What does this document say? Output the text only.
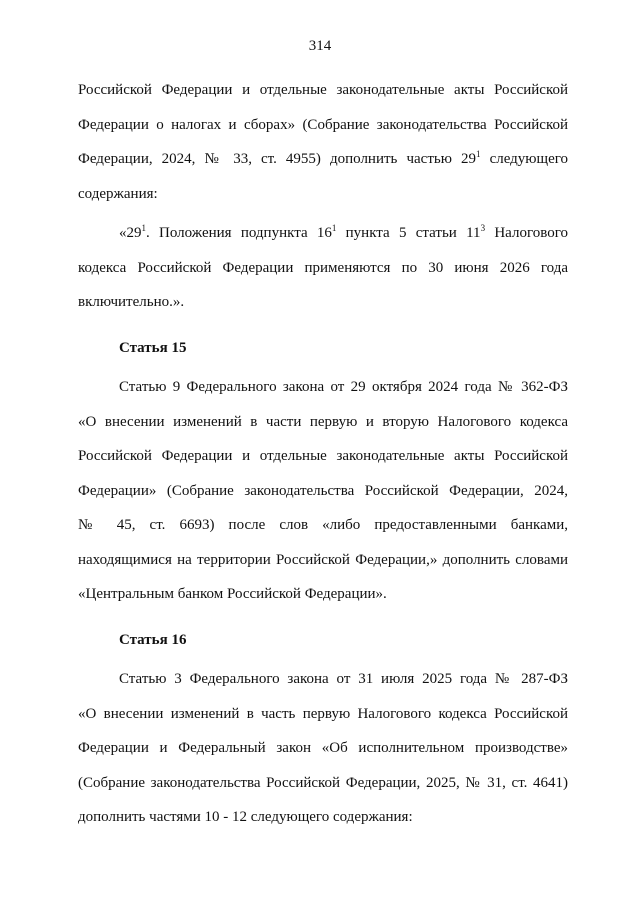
314
Российской Федерации и отдельные законодательные акты Российской
Федерации о налогах и сборах» (Собрание законодательства Российской
Федерации, 2024, № 33, ст. 4955) дополнить частью $29^1$ следующего
содержания:
«$29^1$. Положения подпункта $16^1$ пункта 5 статьи $11^3$ Налогового
кодекса Российской Федерации применяются по 30 июня 2026 года
включительно.».
Статья 15
Статью 9 Федерального закона от 29 октября 2024 года № 362-ФЗ
«О внесении изменений в части первую и вторую Налогового кодекса
Российской Федерации и отдельные законодательные акты Российской
Федерации» (Собрание законодательства Российской Федерации, 2024,
№ 45, ст. 6693) после слов «либо предоставленными банками,
находящимися на территории Российской Федерации,» дополнить словами
«Центральным банком Российской Федерации».
Статья 16
Статью 3 Федерального закона от 31 июля 2025 года № 287-ФЗ
«О внесении изменений в часть первую Налогового кодекса Российской
Федерации и Федеральный закон «Об исполнительном производстве»
(Собрание законодательства Российской Федерации, 2025, № 31, ст. 4641)
дополнить частями 10 - 12 следующего содержания:
